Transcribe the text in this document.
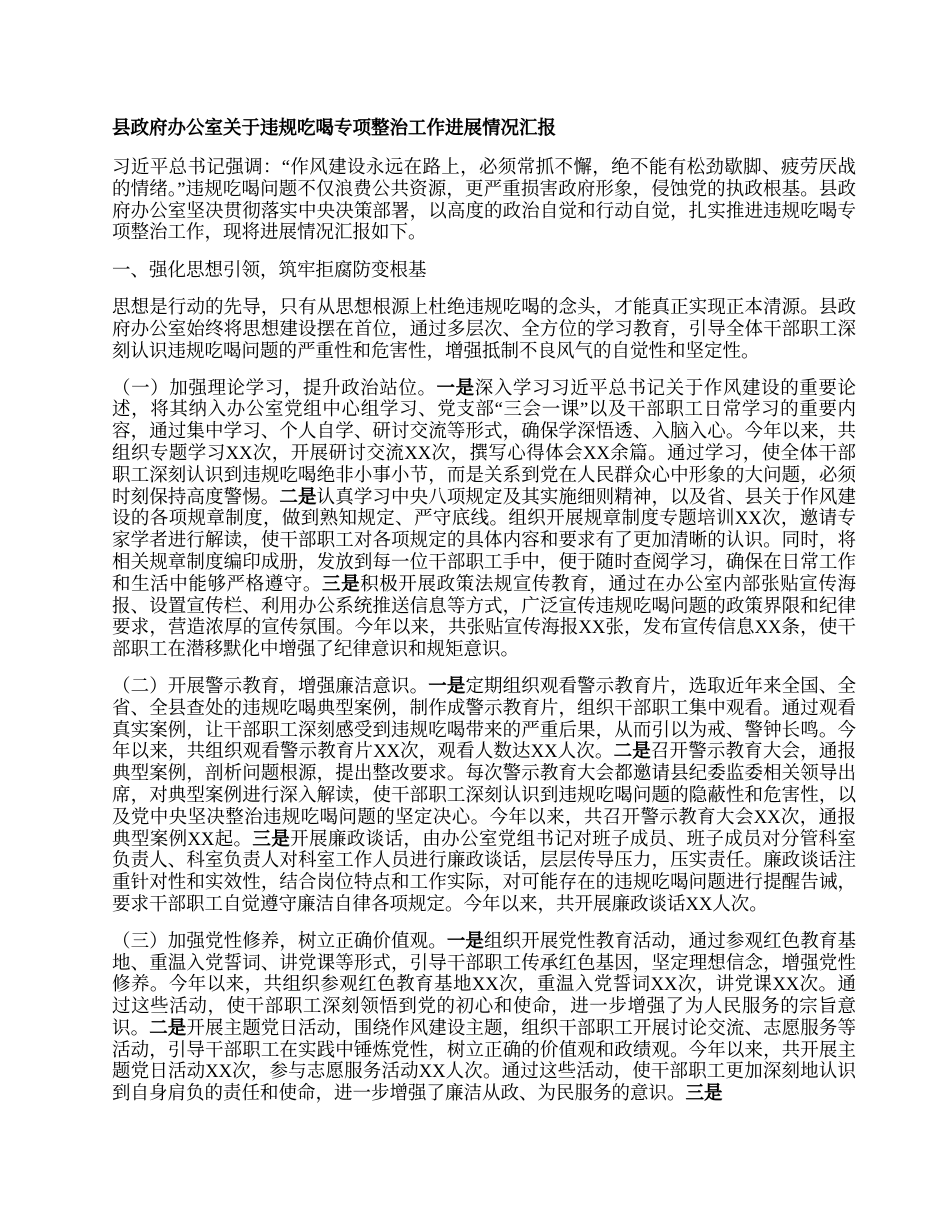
县政府办公室关于违规吃喝专项整治工作进展情况汇报

习近平总书记强调：“作风建设永远在路上，必须常抓不懈，绝不能有松劲歇脚、疲劳厌战的情绪。”违规吃喝问题不仅浪费公共资源，更严重损害政府形象，侵蚀党的执政根基。县政府办公室坚决贯彻落实中央决策部署，以高度的政治自觉和行动自觉，扎实推进违规吃喝专项整治工作，现将进展情况汇报如下。

一、强化思想引领，筑牢拒腐防变根基

思想是行动的先导，只有从思想根源上杜绝违规吃喝的念头，才能真正实现正本清源。县政府办公室始终将思想建设摆在首位，通过多层次、全方位的学习教育，引导全体干部职工深刻认识违规吃喝问题的严重性和危害性，增强抵制不良风气的自觉性和坚定性。

（一）加强理论学习，提升政治站位。一是深入学习习近平总书记关于作风建设的重要论述，将其纳入办公室党组中心组学习、党支部“三会一课”以及干部职工日常学习的重要内容，通过集中学习、个人自学、研讨交流等形式，确保学深悟透、入脑入心。今年以来，共组织专题学习XX次，开展研讨交流XX次，撰写心得体会XX余篇。通过学习，使全体干部职工深刻认识到违规吃喝绝非小事小节，而是关系到党在人民群众心中形象的大问题，必须时刻保持高度警惕。二是认真学习中央八项规定及其实施细则精神，以及省、县关于作风建设的各项规章制度，做到熟知规定、严守底线。组织开展规章制度专题培训XX次，邀请专家学者进行解读，使干部职工对各项规定的具体内容和要求有了更加清晰的认识。同时，将相关规章制度编印成册，发放到每一位干部职工手中，便于随时查阅学习，确保在日常工作和生活中能够严格遵守。三是积极开展政策法规宣传教育，通过在办公室内部张贴宣传海报、设置宣传栏、利用办公系统推送信息等方式，广泛宣传违规吃喝问题的政策界限和纪律要求，营造浓厚的宣传氛围。今年以来，共张贴宣传海报XX张，发布宣传信息XX条，使干部职工在潜移默化中增强了纪律意识和规矩意识。

（二）开展警示教育，增强廉洁意识。一是定期组织观看警示教育片，选取近年来全国、全省、全县查处的违规吃喝典型案例，制作成警示教育片，组织干部职工集中观看。通过观看真实案例，让干部职工深刻感受到违规吃喝带来的严重后果，从而引以为戒、警钟长鸣。今年以来，共组织观看警示教育片XX次，观看人数达XX人次。二是召开警示教育大会，通报典型案例，剖析问题根源，提出整改要求。每次警示教育大会都邀请县纪委监委相关领导出席，对典型案例进行深入解读，使干部职工深刻认识到违规吃喝问题的隐蔽性和危害性，以及党中央坚决整治违规吃喝问题的坚定决心。今年以来，共召开警示教育大会XX次，通报典型案例XX起。三是开展廉政谈话，由办公室党组书记对班子成员、班子成员对分管科室负责人、科室负责人对科室工作人员进行廉政谈话，层层传导压力，压实责任。廉政谈话注重针对性和实效性，结合岗位特点和工作实际，对可能存在的违规吃喝问题进行提醒告诫，要求干部职工自觉遵守廉洁自律各项规定。今年以来，共开展廉政谈话XX人次。

（三）加强党性修养，树立正确价值观。一是组织开展党性教育活动，通过参观红色教育基地、重温入党誓词、讲党课等形式，引导干部职工传承红色基因，坚定理想信念，增强党性修养。今年以来，共组织参观红色教育基地XX次，重温入党誓词XX次，讲党课XX次。通过这些活动，使干部职工深刻领悟到党的初心和使命，进一步增强了为人民服务的宗旨意识。二是开展主题党日活动，围绕作风建设主题，组织干部职工开展讨论交流、志愿服务等活动，引导干部职工在实践中锤炼党性，树立正确的价值观和政绩观。今年以来，共开展主题党日活动XX次，参与志愿服务活动XX人次。通过这些活动，使干部职工更加深刻地认识到自身肩负的责任和使命，进一步增强了廉洁从政、为民服务的意识。三是
